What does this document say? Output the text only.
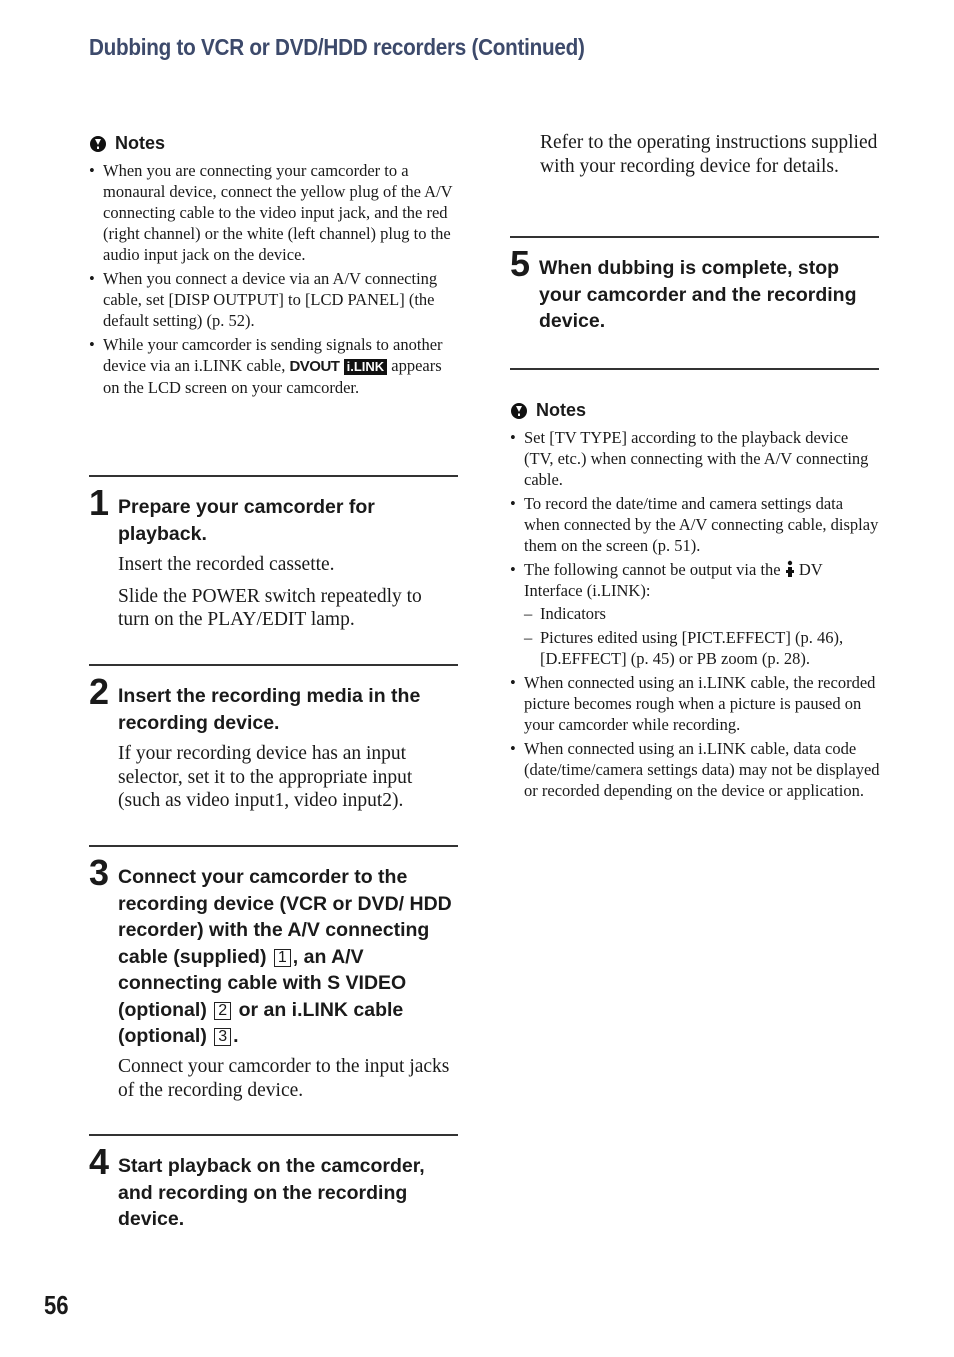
Dubbing to VCR or DVD/HDD recorders (Continued)
Notes
• When you are connecting your camcorder to a monaural device, connect the yellow plug of the A/V connecting cable to the video input jack, and the red (right channel) or the white (left channel) plug to the audio input jack on the device.
• When you connect a device via an A/V connecting cable, set [DISP OUTPUT] to [LCD PANEL] (the default setting) (p. 52).
• While your camcorder is sending signals to another device via an i.LINK cable, DVOUT i.LINK appears on the LCD screen on your camcorder.
1 Prepare your camcorder for playback.

Insert the recorded cassette.

Slide the POWER switch repeatedly to turn on the PLAY/EDIT lamp.

2 Insert the recording media in the recording device.

If your recording device has an input selector, set it to the appropriate input (such as video input1, video input2).

3 Connect your camcorder to the recording device (VCR or DVD/ HDD recorder) with the A/V connecting cable (supplied) 1 , an A/V connecting cable with S VIDEO (optional) 2 or an i.LINK cable (optional) 3 .

Connect your camcorder to the input jacks of the recording device.

4 Start playback on the camcorder, and recording on the recording device.
Refer to the operating instructions supplied with your recording device for details.
5 When dubbing is complete, stop your camcorder and the recording device.
Notes
• Set [TV TYPE] according to the playback device (TV, etc.) when connecting with the A/V connecting cable.
• To record the date/time and camera settings data when connected by the A/V connecting cable, display them on the screen (p. 51).
• The following cannot be output via the DV Interface (i.LINK):
– Indicators
– Pictures edited using [PICT.EFFECT] (p. 46), [D.EFFECT] (p. 45) or PB zoom (p. 28).
• When connected using an i.LINK cable, the recorded picture becomes rough when a picture is paused on your camcorder while recording.
• When connected using an i.LINK cable, data code (date/time/camera settings data) may not be displayed or recorded depending on the device or application.
56
